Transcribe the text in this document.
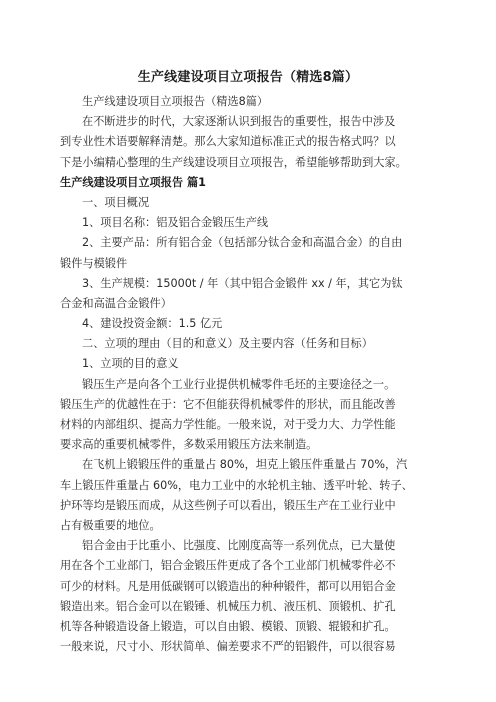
生产线建设项目立项报告（精选8篇）
生产线建设项目立项报告（精选8篇）
在不断进步的时代，大家逐渐认识到报告的重要性，报告中涉及
到专业性术语要解释清楚。那么大家知道标准正式的报告格式吗？以
下是小编精心整理的生产线建设项目立项报告，希望能够帮助到大家。
生产线建设项目立项报告 篇1
一、项目概况
1、项目名称：铝及铝合金锻压生产线
2、主要产品：所有铝合金（包括部分钛合金和高温合金）的自由
锻件与模锻件
3、生产规模：15000t / 年（其中铝合金锻件 xx / 年，其它为钛
合金和高温合金锻件）
4、建设投资金额：1.5 亿元
二、立项的理由（目的和意义）及主要内容（任务和目标）
1、立项的目的意义
锻压生产是向各个工业行业提供机械零件毛坯的主要途径之一。
锻压生产的优越性在于：它不但能获得机械零件的形状，而且能改善
材料的内部组织、提高力学性能。一般来说，对于受力大、力学性能
要求高的重要机械零件，多数采用锻压方法来制造。
在飞机上锻锻压件的重量占 80%，坦克上锻压件重量占 70%，汽
车上锻压件重量占 60%，电力工业中的水轮机主轴、透平叶轮、转子、
护环等均是锻压而成，从这些例子可以看出，锻压生产在工业行业中
占有极重要的地位。
铝合金由于比重小、比强度、比刚度高等一系列优点，已大量使
用在各个工业部门，铝合金锻压件更成了各个工业部门机械零件必不
可少的材料。凡是用低碳钢可以锻造出的种种锻件，都可以用铝合金
锻造出来。铝合金可以在锻锤、机械压力机、液压机、顶锻机、扩孔
机等各种锻造设备上锻造，可以自由锻、模锻、顶锻、辊锻和扩孔。
一般来说，尺寸小、形状简单、偏差要求不严的铝锻件，可以很容易
